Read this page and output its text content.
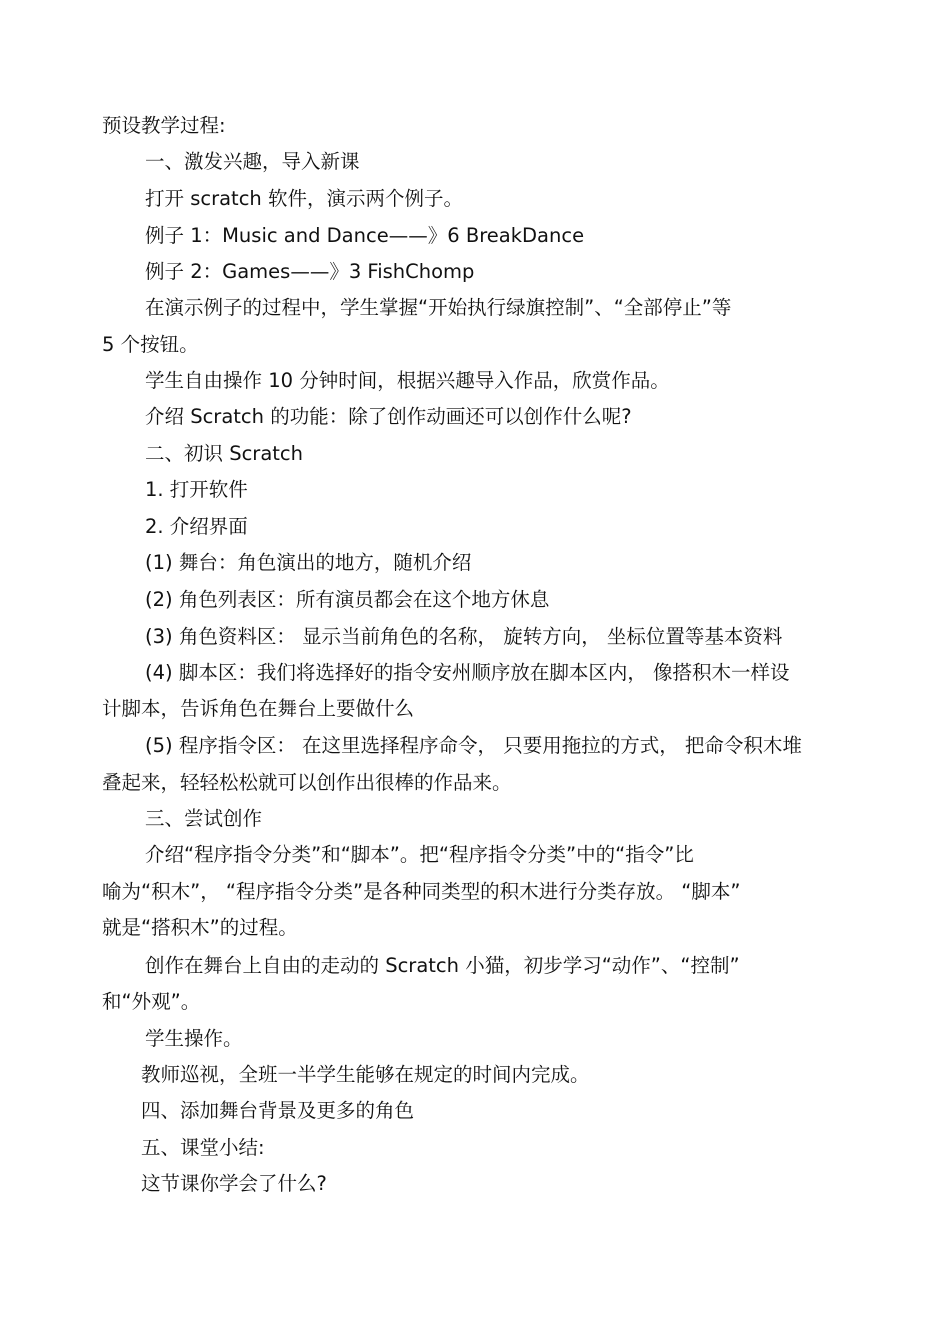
预设教学过程:

一、激发兴趣，导入新课

打开 scratch 软件，演示两个例子。

例子 1：Music and Dance——》6 BreakDance

例子 2：Games——》3 FishChomp

在演示例子的过程中，学生掌握“开始执行绿旗控制”、“全部停止”等

5 个按钮。

学生自由操作 10 分钟时间，根据兴趣导入作品，欣赏作品。

介绍 Scratch 的功能：除了创作动画还可以创作什么呢?

二、初识 Scratch

1. 打开软件

2. 介绍界面

(1) 舞台：角色演出的地方，随机介绍

(2) 角色列表区：所有演员都会在这个地方休息

(3) 角色资料区： 显示当前角色的名称， 旋转方向， 坐标位置等基本资料

(4) 脚本区：我们将选择好的指令安州顺序放在脚本区内， 像搭积木一样设

计脚本，告诉角色在舞台上要做什么

(5) 程序指令区： 在这里选择程序命令， 只要用拖拉的方式， 把命令积木堆

叠起来，轻轻松松就可以创作出很棒的作品来。

三、尝试创作

介绍“程序指令分类”和“脚本”。把“程序指令分类”中的“指令”比

喻为“积木”， “程序指令分类”是各种同类型的积木进行分类存放。 “脚本”

就是“搭积木”的过程。

创作在舞台上自由的走动的 Scratch 小猫，初步学习“动作”、“控制”

和“外观”。

学生操作。

教师巡视，全班一半学生能够在规定的时间内完成。

四、添加舞台背景及更多的角色

五、课堂小结:

这节课你学会了什么?
